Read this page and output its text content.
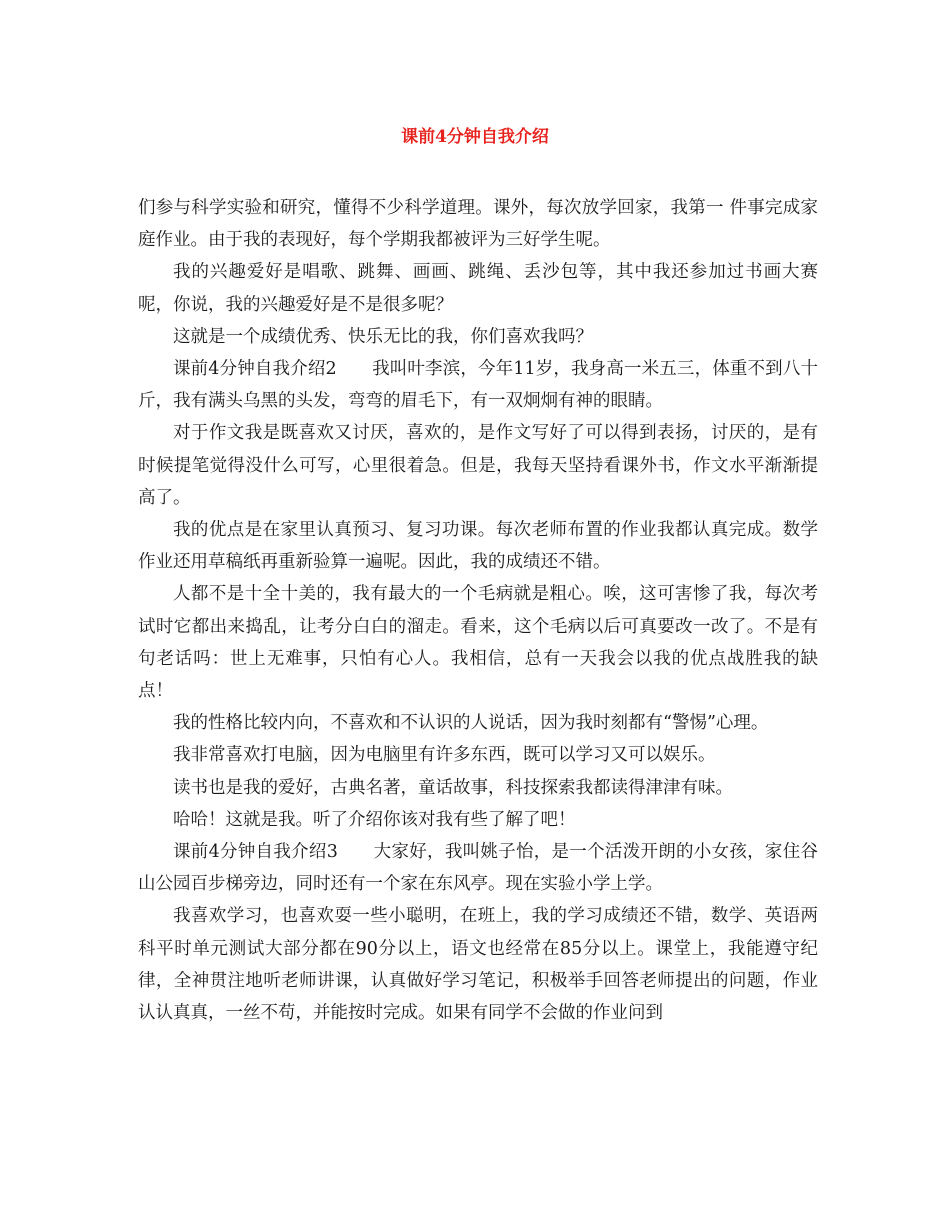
课前4分钟自我介绍

们参与科学实验和研究，懂得不少科学道理。课外，每次放学回家，我第一 件事完成家庭作业。由于我的表现好，每个学期我都被评为三好学生呢。

我的兴趣爱好是唱歌、跳舞、画画、跳绳、丢沙包等，其中我还参加过书画大赛呢，你说，我的兴趣爱好是不是很多呢？

这就是一个成绩优秀、快乐无比的我，你们喜欢我吗？

课前4分钟自我介绍2　　我叫叶李滨，今年11岁，我身高一米五三，体重不到八十斤，我有满头乌黑的头发，弯弯的眉毛下，有一双炯炯有神的眼睛。

对于作文我是既喜欢又讨厌，喜欢的，是作文写好了可以得到表扬，讨厌的，是有时候提笔觉得没什么可写，心里很着急。但是，我每天坚持看课外书，作文水平渐渐提高了。

我的优点是在家里认真预习、复习功课。每次老师布置的作业我都认真完成。数学作业还用草稿纸再重新验算一遍呢。因此，我的成绩还不错。

人都不是十全十美的，我有最大的一个毛病就是粗心。唉，这可害惨了我，每次考试时它都出来捣乱，让考分白白的溜走。看来，这个毛病以后可真要改一改了。不是有句老话吗：世上无难事，只怕有心人。我相信，总有一天我会以我的优点战胜我的缺点！

我的性格比较内向，不喜欢和不认识的人说话，因为我时刻都有“警惕”心理。

我非常喜欢打电脑，因为电脑里有许多东西，既可以学习又可以娱乐。

读书也是我的爱好，古典名著，童话故事，科技探索我都读得津津有味。

哈哈！这就是我。听了介绍你该对我有些了解了吧！

课前4分钟自我介绍3　　大家好，我叫姚子怡，是一个活泼开朗的小女孩，家住谷山公园百步梯旁边，同时还有一个家在东风亭。现在实验小学上学。

我喜欢学习，也喜欢耍一些小聪明，在班上，我的学习成绩还不错，数学、英语两科平时单元测试大部分都在90分以上，语文也经常在85分以上。课堂上，我能遵守纪律，全神贯注地听老师讲课，认真做好学习笔记，积极举手回答老师提出的问题，作业认认真真，一丝不苟，并能按时完成。如果有同学不会做的作业问到
